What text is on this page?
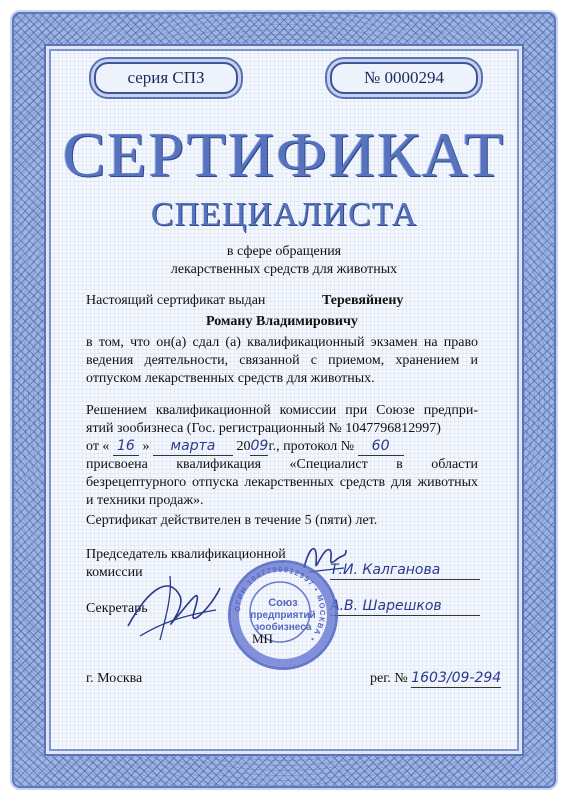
серия СПЗ	№ 0000294
СЕРТИФИКАТ
СПЕЦИАЛИСТА
в сфере обращения
лекарственных средств для животных
Настоящий сертификат выдан	Теревяйнену
Роману Владимировичу
в том, что он(а) сдал (а) квалификационный экзамен на право
ведения деятельности, связанной с приемом, хранением и
отпуском лекарственных средств для животных.
Решением квалификационной комиссии при Союзе предпри-
ятий зообизнеса (Гос. регистрационный № 1047796812997)
от « 16 » марта 2009г., протокол № 60
присвоена квалификация «Специалист в области
безрецептурного отпуска лекарственных средств для животных
и техники продаж».
Сертификат действителен в течение 5 (пяти) лет.
Председатель квалификационной
комиссии	Т.И. Калганова
Секретарь	А.В. Шарешков
ОГРН 1047796812997 • МОСКВА •
Союз
предприятий
зообизнеса
МП
г. Москва	рег. № 1603/09-294
